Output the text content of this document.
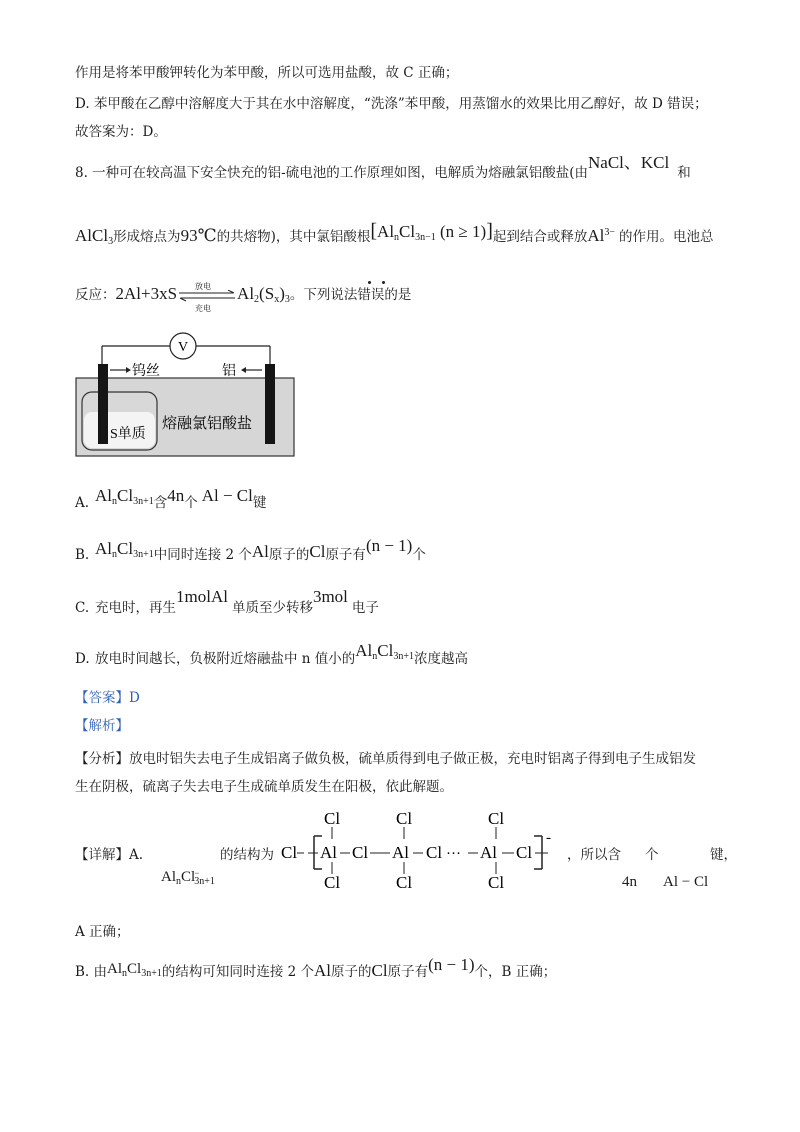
作用是将苯甲酸钾转化为苯甲酸，所以可选用盐酸，故 C 正确；
D. 苯甲酸在乙醇中溶解度大于其在水中溶解度，“洗涤”苯甲酸，用蒸馏水的效果比用乙醇好，故 D 错误；
故答案为：D。
8. 一种可在较高温下安全快充的铝-硫电池的工作原理如图，电解质为熔融氯铝酸盐(由NaCl、KCl和
AlCl$_3$形成熔点为93℃的共熔物)，其中氯铝酸根[$Al_nCl_{3n-1}$ (n ≥ 1)]起到结合或释放$Al^{3-}$ 的作用。电池总
反应：2Al+3xS 放电
充电
$Al_2(S_x)_3$。下列说法错误的是
V
钨丝	铝
熔融氯铝酸盐
S单质
A. $Al_nCl_{3n+1}$含4n个 Al − Cl键
B. $Al_nCl_{3n+1}$中同时连接 2 个Al原子的Cl原子有(n − 1)个
C. 充电时，再生1molAl单质至少转移3mol电子
D. 放电时间越长，负极附近熔融盐中 n 值小的$Al_nCl_{3n+1}$浓度越高
【答案】D
【解析】
【分析】放电时铝失去电子生成铝离子做负极，硫单质得到电子做正极，充电时铝离子得到电子生成铝发
生在阴极，硫离子失去电子生成硫单质发生在阳极，依此解题。
【详解】A.	的结构为
$Al_nCl^-_{3n+1}$
Cl Al
Cl
Cl
Cl Al
Cl
Cl
Cl ··· Al
Cl
Cl
Cl
-
，所以含 个	键，
4n Al − Cl
A 正确；
B. 由$Al_nCl_{3n+1}$的结构可知同时连接 2 个Al原子的Cl原子有(n − 1)个，B 正确；
